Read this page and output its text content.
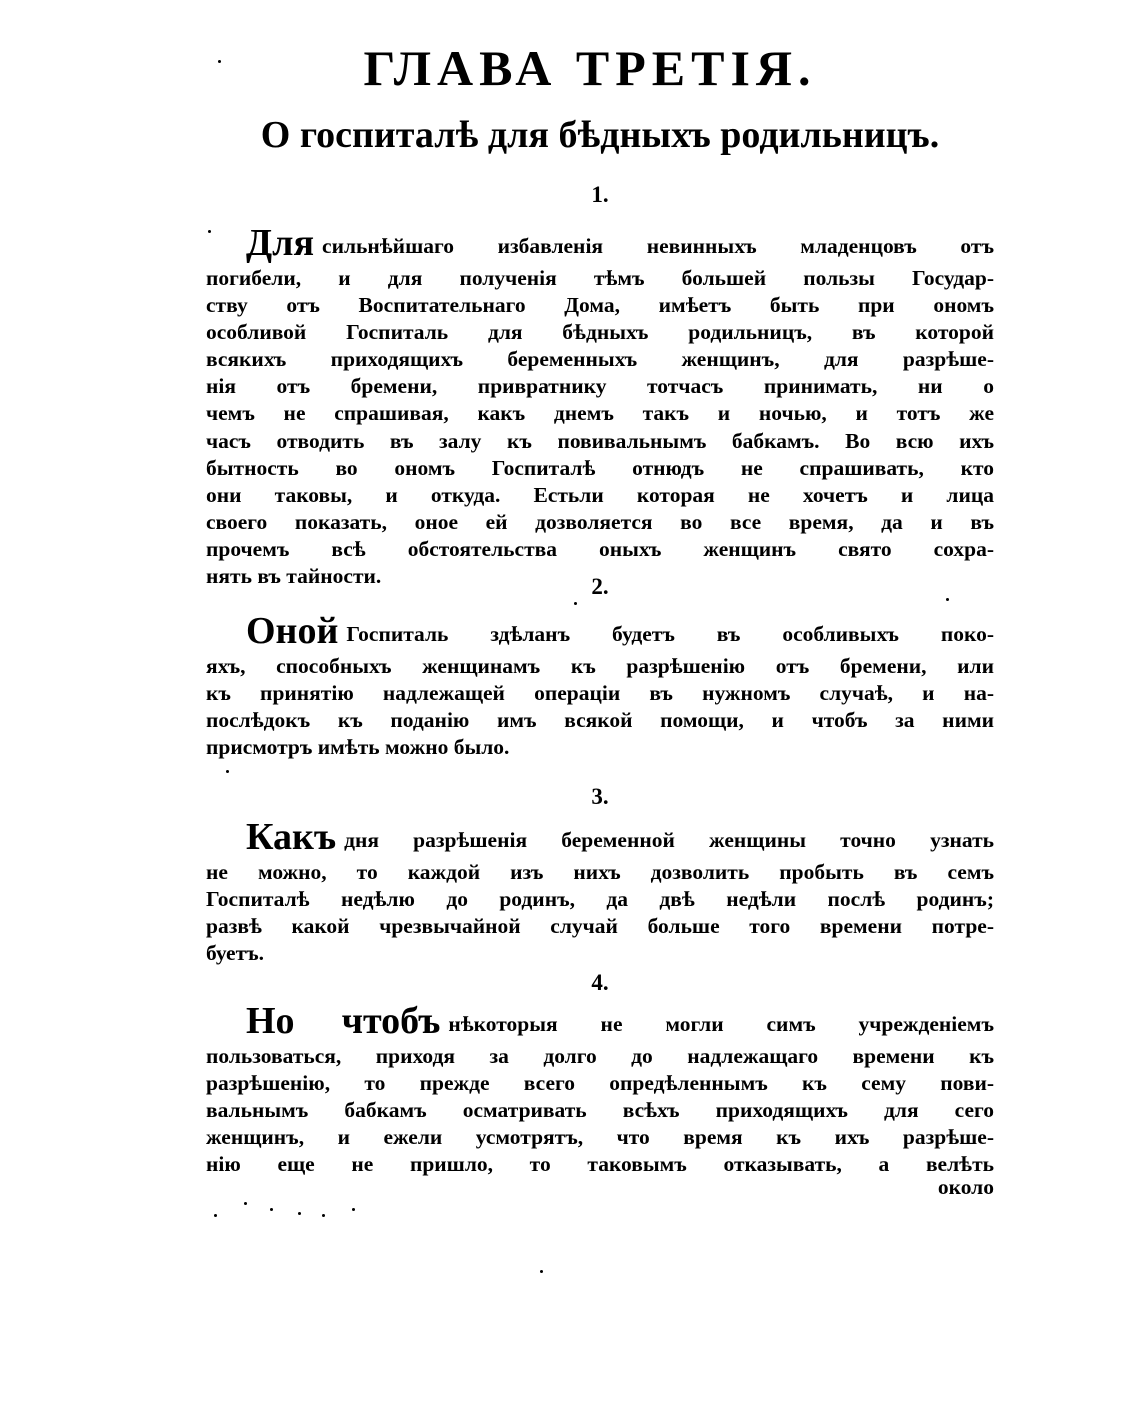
ГЛАВА ТРЕТІЯ.
О госпиталѣ для бѣдныхъ родильницъ.
1.
Для сильнѣйшаго избавленія невинныхъ младенцовъ отъ
погибели, и для полученія тѣмъ большей пользы Государ-
ству отъ Воспитательнаго Дома, имѣетъ быть при ономъ
особливой Госпиталь для бѣдныхъ родильницъ, въ которой
всякихъ приходящихъ беременныхъ женщинъ, для разрѣше-
нія отъ бремени, привратнику тотчасъ принимать, ни о
чемъ не спрашивая, какъ днемъ такъ и ночью, и тотъ же
часъ отводить въ залу къ повивальнымъ бабкамъ. Во всю ихъ
бытность во ономъ Госпиталѣ отнюдъ не спрашивать, кто
они таковы, и откуда. Естьли которая не хочетъ и лица
своего показать, оное ей дозволяется во все время, да и въ
прочемъ всѣ обстоятельства оныхъ женщинъ свято сохра-
нять въ тайности.	2.
Оной Госпиталь здѣланъ будетъ въ особливыхъ поко-
яхъ, способныхъ женщинамъ къ разрѣшенію отъ бремени, или
къ принятію надлежащей операціи въ нужномъ случаѣ, и на-
послѣдокъ къ поданію имъ всякой помощи, и чтобъ за ними
присмотръ имѣть можно было.
3.
Какъ дня разрѣшенія беременной женщины точно узнать
не можно, то каждой изъ нихъ дозволить пробыть въ семъ
Госпиталѣ недѣлю до родинъ, да двѣ недѣли послѣ родинъ;
развѣ какой чрезвычайной случай больше того времени потре-
буетъ.
4.
Но чтобъ нѣкоторыя не могли симъ учрежденіемъ
пользоваться, приходя за долго до надлежащаго времени къ
разрѣшенію, то прежде всего опредѣленнымъ къ сему пови-
вальнымъ бабкамъ осматривать всѣхъ приходящихъ для сего
женщинъ, и ежели усмотрятъ, что время къ ихъ разрѣше-
нію еще не пришло, то таковымъ отказывать, а велѣть
около
